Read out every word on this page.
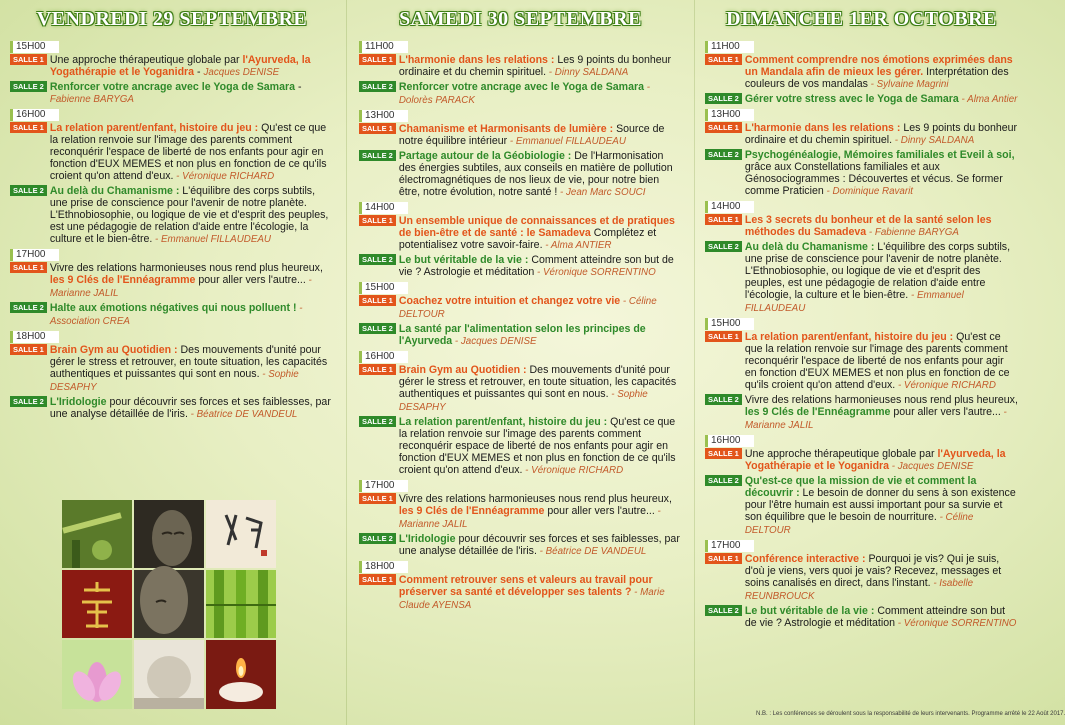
VENDREDI 29 SEPTEMBRE
15H00
SALLE 1 Une approche thérapeutique globale par l'Ayurveda, la Yogathérapie et le Yoganidra - Jacques DENISE
SALLE 2 Renforcer votre ancrage avec le Yoga de Samara - Fabienne BARYGA
16H00
SALLE 1 La relation parent/enfant, histoire du jeu : Qu'est ce que la relation renvoie sur l'image des parents comment reconquérir l'espace de liberté de nos enfants pour agir en fonction d'EUX MEMES et non plus en fonction de ce qu'ils croient qu'on attend d'eux. - Véronique RICHARD
SALLE 2 Au delà du Chamanisme : L'équilibre des corps subtils, une prise de conscience pour l'avenir de notre planète. L'Ethnobiosophie, ou logique de vie et d'esprit des peuples, est une pédagogie de relation d'aide entre l'écologie, la culture et le bien-être. - Emmanuel FILLAUDEAU
17H00
SALLE 1 Vivre des relations harmonieuses nous rend plus heureux, les 9 Clés de l'Ennéagramme pour aller vers l'autre... - Marianne JALIL
SALLE 2 Halte aux émotions négatives qui nous polluent ! - Association CREA
18H00
SALLE 1 Brain Gym au Quotidien : Des mouvements d'unité pour gérer le stress et retrouver, en toute situation, les capacités authentiques et puissantes qui sont en nous. - Sophie DESAPHY
SALLE 2 L'Iridologie pour découvrir ses forces et ses faiblesses, par une analyse détaillée de l'iris. - Béatrice DE VANDEUL
SAMEDI 30 SEPTEMBRE
11H00
SALLE 1 L'harmonie dans les relations : Les 9 points du bonheur ordinaire et du chemin spirituel. - Dinny SALDANA
SALLE 2 Renforcer votre ancrage avec le Yoga de Samara - Dolorès PARACK
13H00
SALLE 1 Chamanisme et Harmonisants de lumière : Source de notre équilibre intérieur - Emmanuel FILLAUDEAU
SALLE 2 Partage autour de la Géobiologie : De l'Harmonisation des énergies subtiles, aux conseils en matière de pollution électromagnétiques de nos lieux de vie, pour notre bien être, notre évolution, notre santé ! - Jean Marc SOUCI
14H00
SALLE 1 Un ensemble unique de connaissances et de pratiques de bien-être et de santé : le Samadeva Complétez et potentialisez votre savoir-faire. - Alma ANTIER
SALLE 2 Le but véritable de la vie : Comment atteindre son but de vie ? Astrologie et méditation - Véronique SORRENTINO
15H00
SALLE 1 Coachez votre intuition et changez votre vie - Céline DELTOUR
SALLE 2 La santé par l'alimentation selon les principes de l'Ayurveda - Jacques DENISE
16H00
SALLE 1 Brain Gym au Quotidien : Des mouvements d'unité pour gérer le stress et retrouver, en toute situation, les capacités authentiques et puissantes qui sont en nous. - Sophie DESAPHY
SALLE 2 La relation parent/enfant, histoire du jeu : Qu'est ce que la relation renvoie sur l'image des parents comment reconquérir espace de liberté de nos enfants pour agir en fonction d'EUX MEMES et non plus en fonction de ce qu'ils croient qu'on attend d'eux. - Véronique RICHARD
17H00
SALLE 1 Vivre des relations harmonieuses nous rend plus heureux, les 9 Clés de l'Ennéagramme pour aller vers l'autre... - Marianne JALIL
SALLE 2 L'Iridologie pour découvrir ses forces et ses faiblesses, par une analyse détaillée de l'iris. - Béatrice DE VANDEUL
18H00
SALLE 1 Comment retrouver sens et valeurs au travail pour préserver sa santé et développer ses talents ? - Marie Claude AYENSA
DIMANCHE 1ER OCTOBRE
11H00
SALLE 1 Comment comprendre nos émotions exprimées dans un Mandala afin de mieux les gérer. Interprétation des couleurs de vos mandalas - Sylvaine Magrini
SALLE 2 Gérer votre stress avec le Yoga de Samara - Alma Antier
13H00
SALLE 1 L'harmonie dans les relations : Les 9 points du bonheur ordinaire et du chemin spirituel. - Dinny SALDANA
SALLE 2 Psychogénéalogie, Mémoires familiales et Eveil à soi, grâce aux Constellations familiales et aux Génosociogrammes : Découvertes et vécus. Se former comme Praticien - Dominique Ravarit
14H00
SALLE 1 Les 3 secrets du bonheur et de la santé selon les méthodes du Samadeva - Fabienne BARYGA
SALLE 2 Au delà du Chamanisme : L'équilibre des corps subtils, une prise de conscience pour l'avenir de notre planète. L'Ethnobiosophie, ou logique de vie et d'esprit des peuples, est une pédagogie de relation d'aide entre l'écologie, la culture et le bien-être. - Emmanuel FILLAUDEAU
15H00
SALLE 1 La relation parent/enfant, histoire du jeu : Qu'est ce que la relation renvoie sur l'image des parents comment reconquérir l'espace de liberté de nos enfants pour agir en fonction d'EUX MEMES et non plus en fonction de ce qu'ils croient qu'on attend d'eux. - Véronique RICHARD
SALLE 2 Vivre des relations harmonieuses nous rend plus heureux, les 9 Clés de l'Ennéagramme pour aller vers l'autre... - Marianne JALIL
16H00
SALLE 1 Une approche thérapeutique globale par l'Ayurveda, la Yogathérapie et le Yoganidra - Jacques DENISE
SALLE 2 Qu'est-ce que la mission de vie et comment la découvrir : Le besoin de donner du sens à son existence pour l'être humain est aussi important pour sa survie et son équilibre que le besoin de nourriture. - Céline DELTOUR
17H00
SALLE 1 Conférence interactive : Pourquoi je vis? Qui je suis, d'où je viens, vers quoi je vais? Recevez, messages et soins canalisés en direct, dans l'instant. - Isabelle REUNBROUCK
SALLE 2 Le but véritable de la vie : Comment atteindre son but de vie ? Astrologie et méditation - Véronique SORRENTINO
N.B. : Les conférences se déroulent sous la responsabilité de leurs intervenants. Programme arrêté le 22 Août 2017.
